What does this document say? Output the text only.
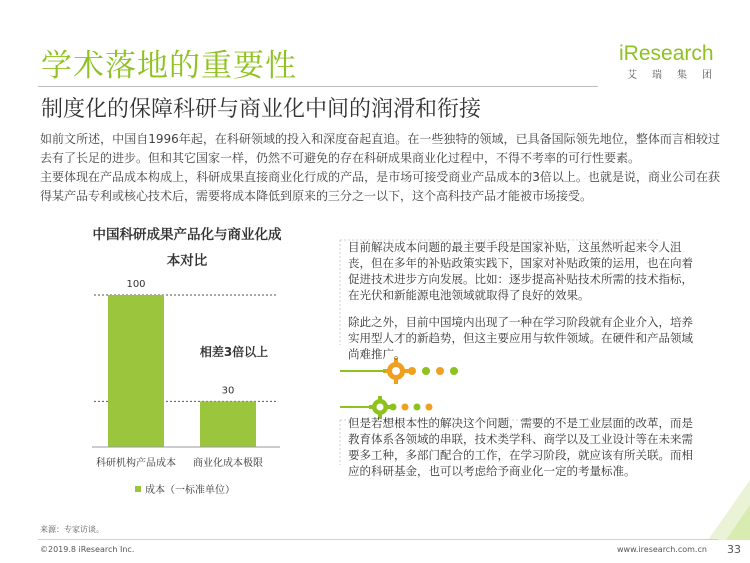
学术落地的重要性	iResearch
艾瑞集团
制度化的保障科研与商业化中间的润滑和衔接

如前文所述，中国自1996年起，在科研领域的投入和深度奋起直追。在一些独特的领域，已具备国际领先地位，整体而言相较过去有了长足的进步。但和其它国家一样，仍然不可避免的存在科研成果商业化过程中，不得不考率的可行性要素。

主要体现在产品成本构成上，科研成果直接商业化行成的产品，是市场可接受商业产品成本的3倍以上。也就是说，商业公司在获得某产品专利或核心技术后，需要将成本降低到原来的三分之一以下，这个高科技产品才能被市场接受。

中国科研成果产品化与商业化成本对比
100
科研机构产品成本
30
商业化成本极限
相差3倍以上
成本（一标准单位）
目前解决成本问题的最主要手段是国家补贴，这虽然听起来令人沮丧，但在多年的补贴政策实践下，国家对补贴政策的运用，也在向着促进技术进步方向发展。比如：逐步提高补贴技术所需的技术指标，在光伏和新能源电池领域就取得了良好的效果。
除此之外，目前中国境内出现了一种在学习阶段就有企业介入，培养实用型人才的新趋势，但这主要应用与软件领域。在硬件和产品领域尚难推广。
但是若想根本性的解决这个问题，需要的不是工业层面的改革，而是教育体系各领域的串联，技术类学科、商学以及工业设计等在未来需要多工种，多部门配合的工作，在学习阶段，就应该有所关联。而相应的科研基金，也可以考虑给予商业化一定的考量标准。
来源：专家访谈。
©2019.8 iResearch Inc.	www.iresearch.com.cn 33
